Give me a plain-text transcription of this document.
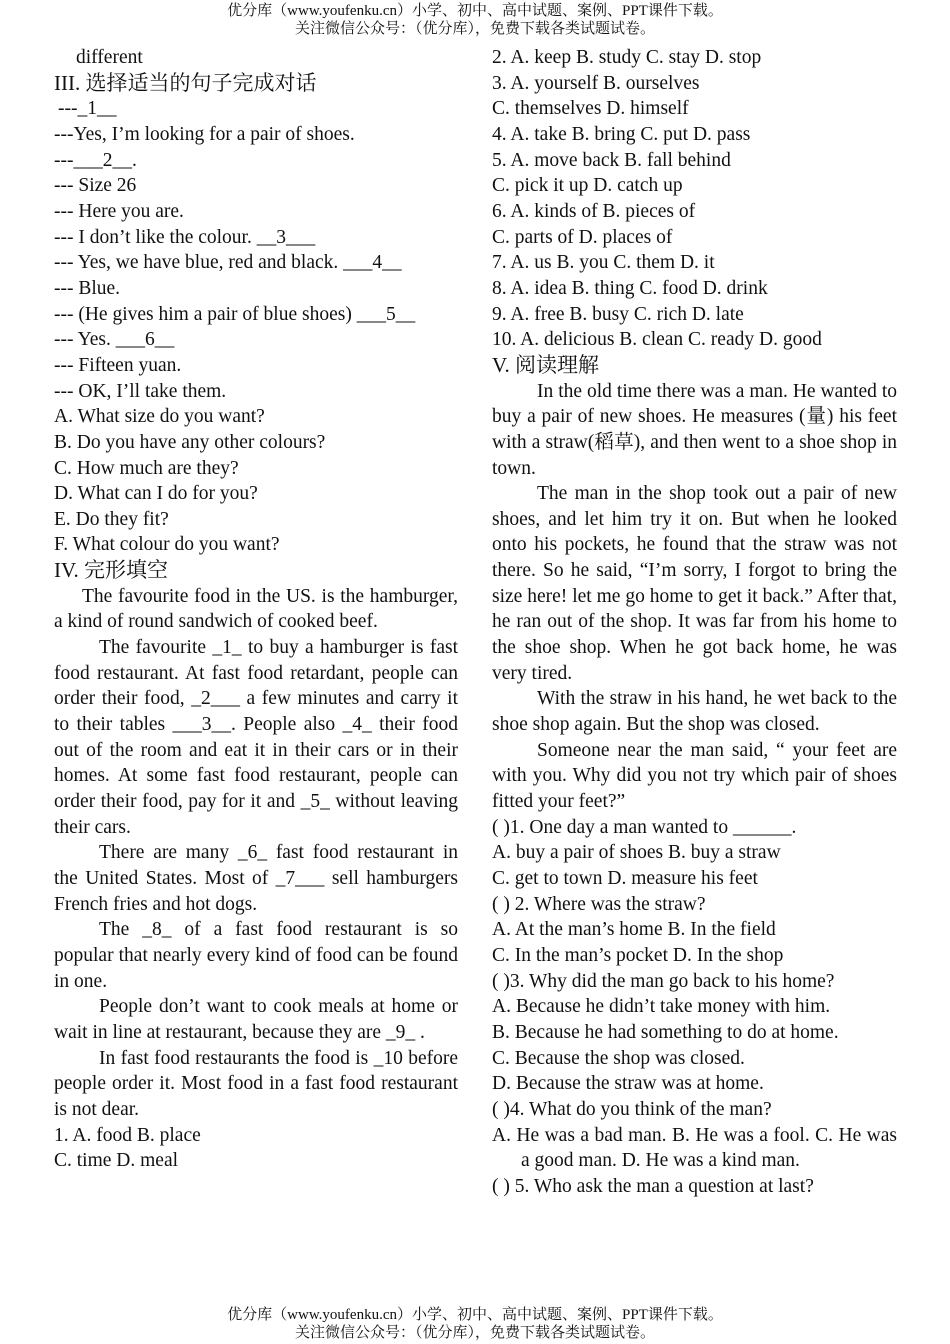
优分库（www.youfenku.cn）小学、初中、高中试题、案例、PPT课件下载。
关注微信公众号：（优分库），免费下载各类试题试卷。
different
III. 选择适当的句子完成对话
---_1__
---Yes, I’m looking for a pair of shoes.
---___2__.
--- Size 26
--- Here you are.
--- I don’t like the colour. __3___
--- Yes, we have blue, red and black. ___4__
--- Blue.
--- (He gives him a pair of blue shoes) ___5__
--- Yes. ___6__
--- Fifteen yuan.
--- OK, I’ll take them.
A. What size do you want?
B. Do you have any other colours?
C. How much are they?
D. What can I do for you?
E. Do they fit?
F. What colour do you want?
IV. 完形填空
The favourite food in the US. is the hamburger, a kind of round sandwich of cooked beef.
The favourite _1_ to buy a hamburger is fast food restaurant. At fast food retardant, people can order their food, _2___ a few minutes and carry it to their tables ___3__. People also _4_ their food out of the room and eat it in their cars or in their homes. At some fast food restaurant, people can order their food, pay for it and _5_ without leaving their cars.
There are many _6_ fast food restaurant in the United States. Most of _7___ sell hamburgers French fries and hot dogs.
The _8_ of a fast food restaurant is so popular that nearly every kind of food can be found in one.
People don’t want to cook meals at home or wait in line at restaurant, because they are _9_ .
In fast food restaurants the food is _10 before people order it. Most food in a fast food restaurant is not dear.
1. A. food B. place
C. time D. meal
2. A. keep B. study C. stay D. stop
3. A. yourself B. ourselves
C. themselves D. himself
4. A. take B. bring C. put D. pass
5. A. move back B. fall behind
C. pick it up D. catch up
6. A. kinds of B. pieces of
C. parts of D. places of
7. A. us B. you C. them D. it
8. A. idea B. thing C. food D. drink
9. A. free B. busy C. rich D. late
10. A. delicious B. clean C. ready D. good
V. 阅读理解
In the old time there was a man. He wanted to buy a pair of new shoes. He measures (量) his feet with a straw(稻草), and then went to a shoe shop in town.
The man in the shop took out a pair of new shoes, and let him try it on. But when he looked onto his pockets, he found that the straw was not there. So he said, “I’m sorry, I forgot to bring the size here! let me go home to get it back.” After that, he ran out of the shop. It was far from his home to the shoe shop. When he got back home, he was very tired.
With the straw in his hand, he wet back to the shoe shop again. But the shop was closed.
Someone near the man said, “ your feet are with you. Why did you not try which pair of shoes fitted your feet?”
( )1. One day a man wanted to ______.
A. buy a pair of shoes B. buy a straw
C. get to town D. measure his feet
( ) 2. Where was the straw?
A. At the man’s home B. In the field
C. In the man’s pocket D. In the shop
( )3. Why did the man go back to his home?
A. Because he didn’t take money with him.
B. Because he had something to do at home.
C. Because the shop was closed.
D. Because the straw was at home.
( )4. What do you think of the man?
A. He was a bad man. B. He was a fool. C. He was a good man. D. He was a kind man.
( ) 5. Who ask the man a question at last?
优分库（www.youfenku.cn）小学、初中、高中试题、案例、PPT课件下载。
关注微信公众号：（优分库），免费下载各类试题试卷。
